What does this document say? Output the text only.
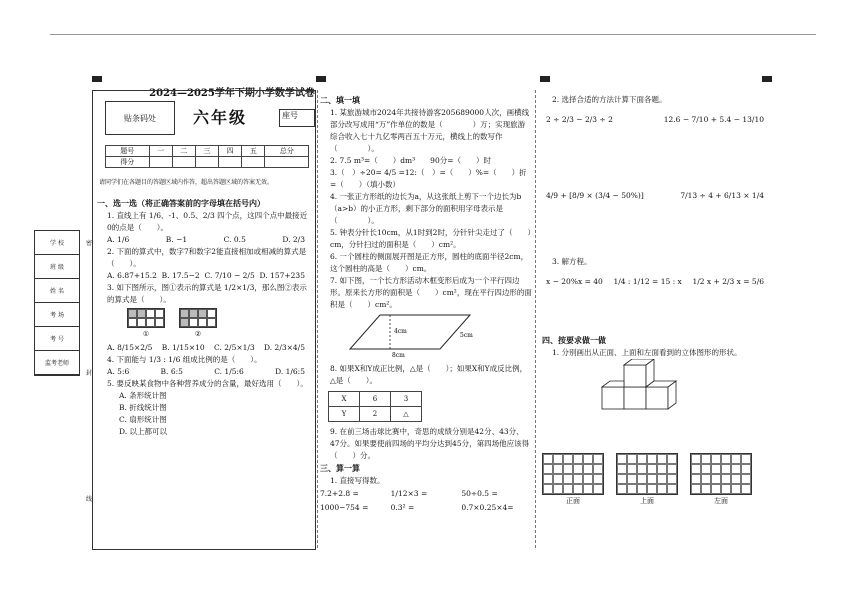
学 校
班 级
姓 名
考 场
考 号
监考老师
密
封
线
2024—2025学年下期小学数学试卷
贴条码处	六年级	座号
题号	一	二	三	四	五	总分
得分						
请同学们在各题目的答题区域内作答，超出答题区域的答案无效。
一、选一选（将正确答案前的字母填在括号内）

1. 直线上有 1/6、-1、0.5、2/3 四个点，这四个点中最接近0的点是（　　）。

A. 1/6	B. −1	C. 0.5	D. 2/3

2. 下面的算式中，数字7和数字2能直接相加或相减的算式是（　　）。

A. 6.87+15.2 B. 17.5−2 C. 7/10 − 2/5 D. 157+235

3. 如下图所示，图①表示的算式是 1/2×1/3，那么图②表示的算式是（　　）。

①	②
A. 8/15×2/5 B. 1/15×10 C. 2/5×1/3 D. 2/3×4/5

4. 下面能与 1/3 : 1/6 组成比例的是（　　）。

A. 5:6	B. 6:5	C. 1/5:6	D. 1/6:5

5. 要反映某食物中各种营养成分的含量，最好选用（　　）。

A. 条形统计图
B. 折线统计图
C. 扇形统计图
D. 以上都可以
二、填一填

1. 某旅游城市2024年共接待游客205689000人次，画横线部分改写成用“万”作单位的数是（　　　　）万；实现旅游综合收入七十九亿零两百五十万元，横线上的数写作（　　　　）。

2. 7.5 m³=（　　）dm³　　90分=（　　）时

3.（　）÷20= 4/5 =12:（　）=（　　）%=（　　）折=（　　）（填小数）

4. 一张正方形纸的边长为a，从这张纸上剪下一个边长为b（a>b）的小正方形，剩下部分的面积用字母表示是（　　　　）。

5. 钟表分针长10cm，从1时到2时，分针针尖走过了（　　）cm，分针扫过的面积是（　　）cm²。

6. 一个圆柱的侧面展开图是正方形，圆柱的底面半径2cm，这个圆柱的高是（　　）cm。

7. 如下图，一个长方形活动木框变形后成为一个平行四边形。原来长方形的面积是（　　）cm²，现在平行四边形的面积是（　　）cm²。

4cm
5cm
8cm

8. 如果X和Y成正比例，△是（　　）；如果X和Y成反比例，△是（　　）。

X	6	3
Y	2	△

9. 在前三场击球比赛中，奇思的成绩分别是42分、43分、47分。如果要使前四场的平均分达到45分，第四场他应该得（　　）分。

三、算一算

1. 直接写得数。

7.2+2.8 =	1/12×3 =	50÷0.5 =
1000−754 =	0.3² =	0.7×0.25×4=

2. 选择合适的方法计算下面各题。

2 ÷ 2/3 − 2/3 ÷ 2	12.6 − 7/10 + 5.4 − 13/10
4/9 + [8/9 × (3/4 − 50%)]	7/13 ÷ 4 + 6/13 × 1/4

3. 解方程。

x − 20%x = 40 1/4 : 1/12 = 15 : x 1/2 x + 2/3 x = 5/6
四、按要求做一做

1. 分别画出从正面、上面和左面看到的立体图形的形状。

正面	上面	左面
